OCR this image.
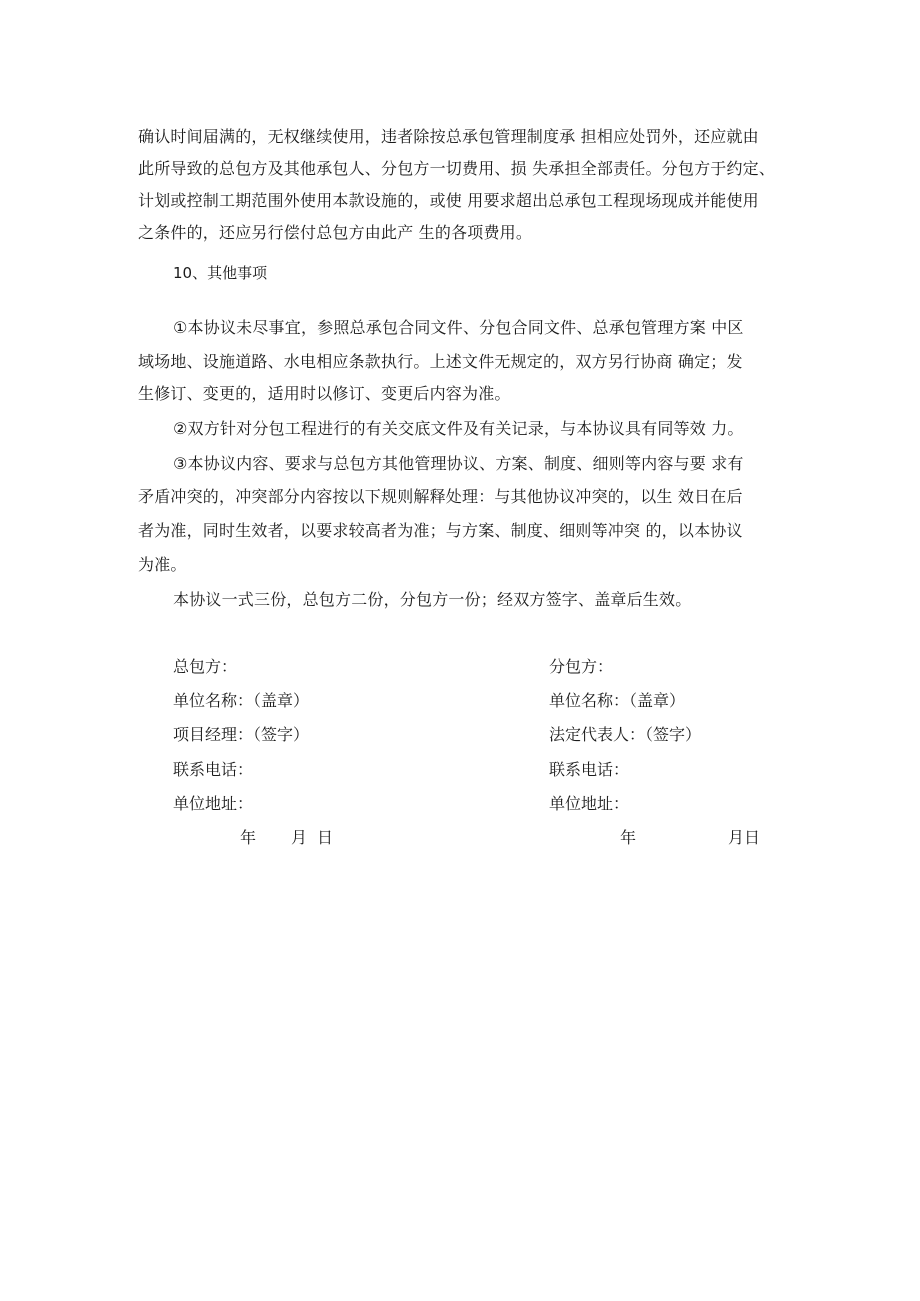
确认时间届满的，无权继续使用，违者除按总承包管理制度承 担相应处罚外，还应就由
此所导致的总包方及其他承包人、分包方一切费用、损 失承担全部责任。分包方于约定、
计划或控制工期范围外使用本款设施的，或使 用要求超出总承包工程现场现成并能使用
之条件的，还应另行偿付总包方由此产 生的各项费用。
10、其他事项
①本协议未尽事宜，参照总承包合同文件、分包合同文件、总承包管理方案 中区
域场地、设施道路、水电相应条款执行。上述文件无规定的，双方另行协商 确定；发
生修订、变更的，适用时以修订、变更后内容为准。
②双方针对分包工程进行的有关交底文件及有关记录，与本协议具有同等效 力。
③本协议内容、要求与总包方其他管理协议、方案、制度、细则等内容与要 求有
矛盾冲突的，冲突部分内容按以下规则解释处理：与其他协议冲突的，以生 效日在后
者为准，同时生效者，以要求较高者为准；与方案、制度、细则等冲突 的，以本协议
为准。
本协议一式三份，总包方二份，分包方一份；经双方签字、盖章后生效。
总包方：
单位名称：（盖章）
项目经理：（签字）
联系电话：
单位地址：
年 月 日
分包方：
单位名称：（盖章）
法定代表人：（签字）
联系电话：
单位地址：
年	月日
